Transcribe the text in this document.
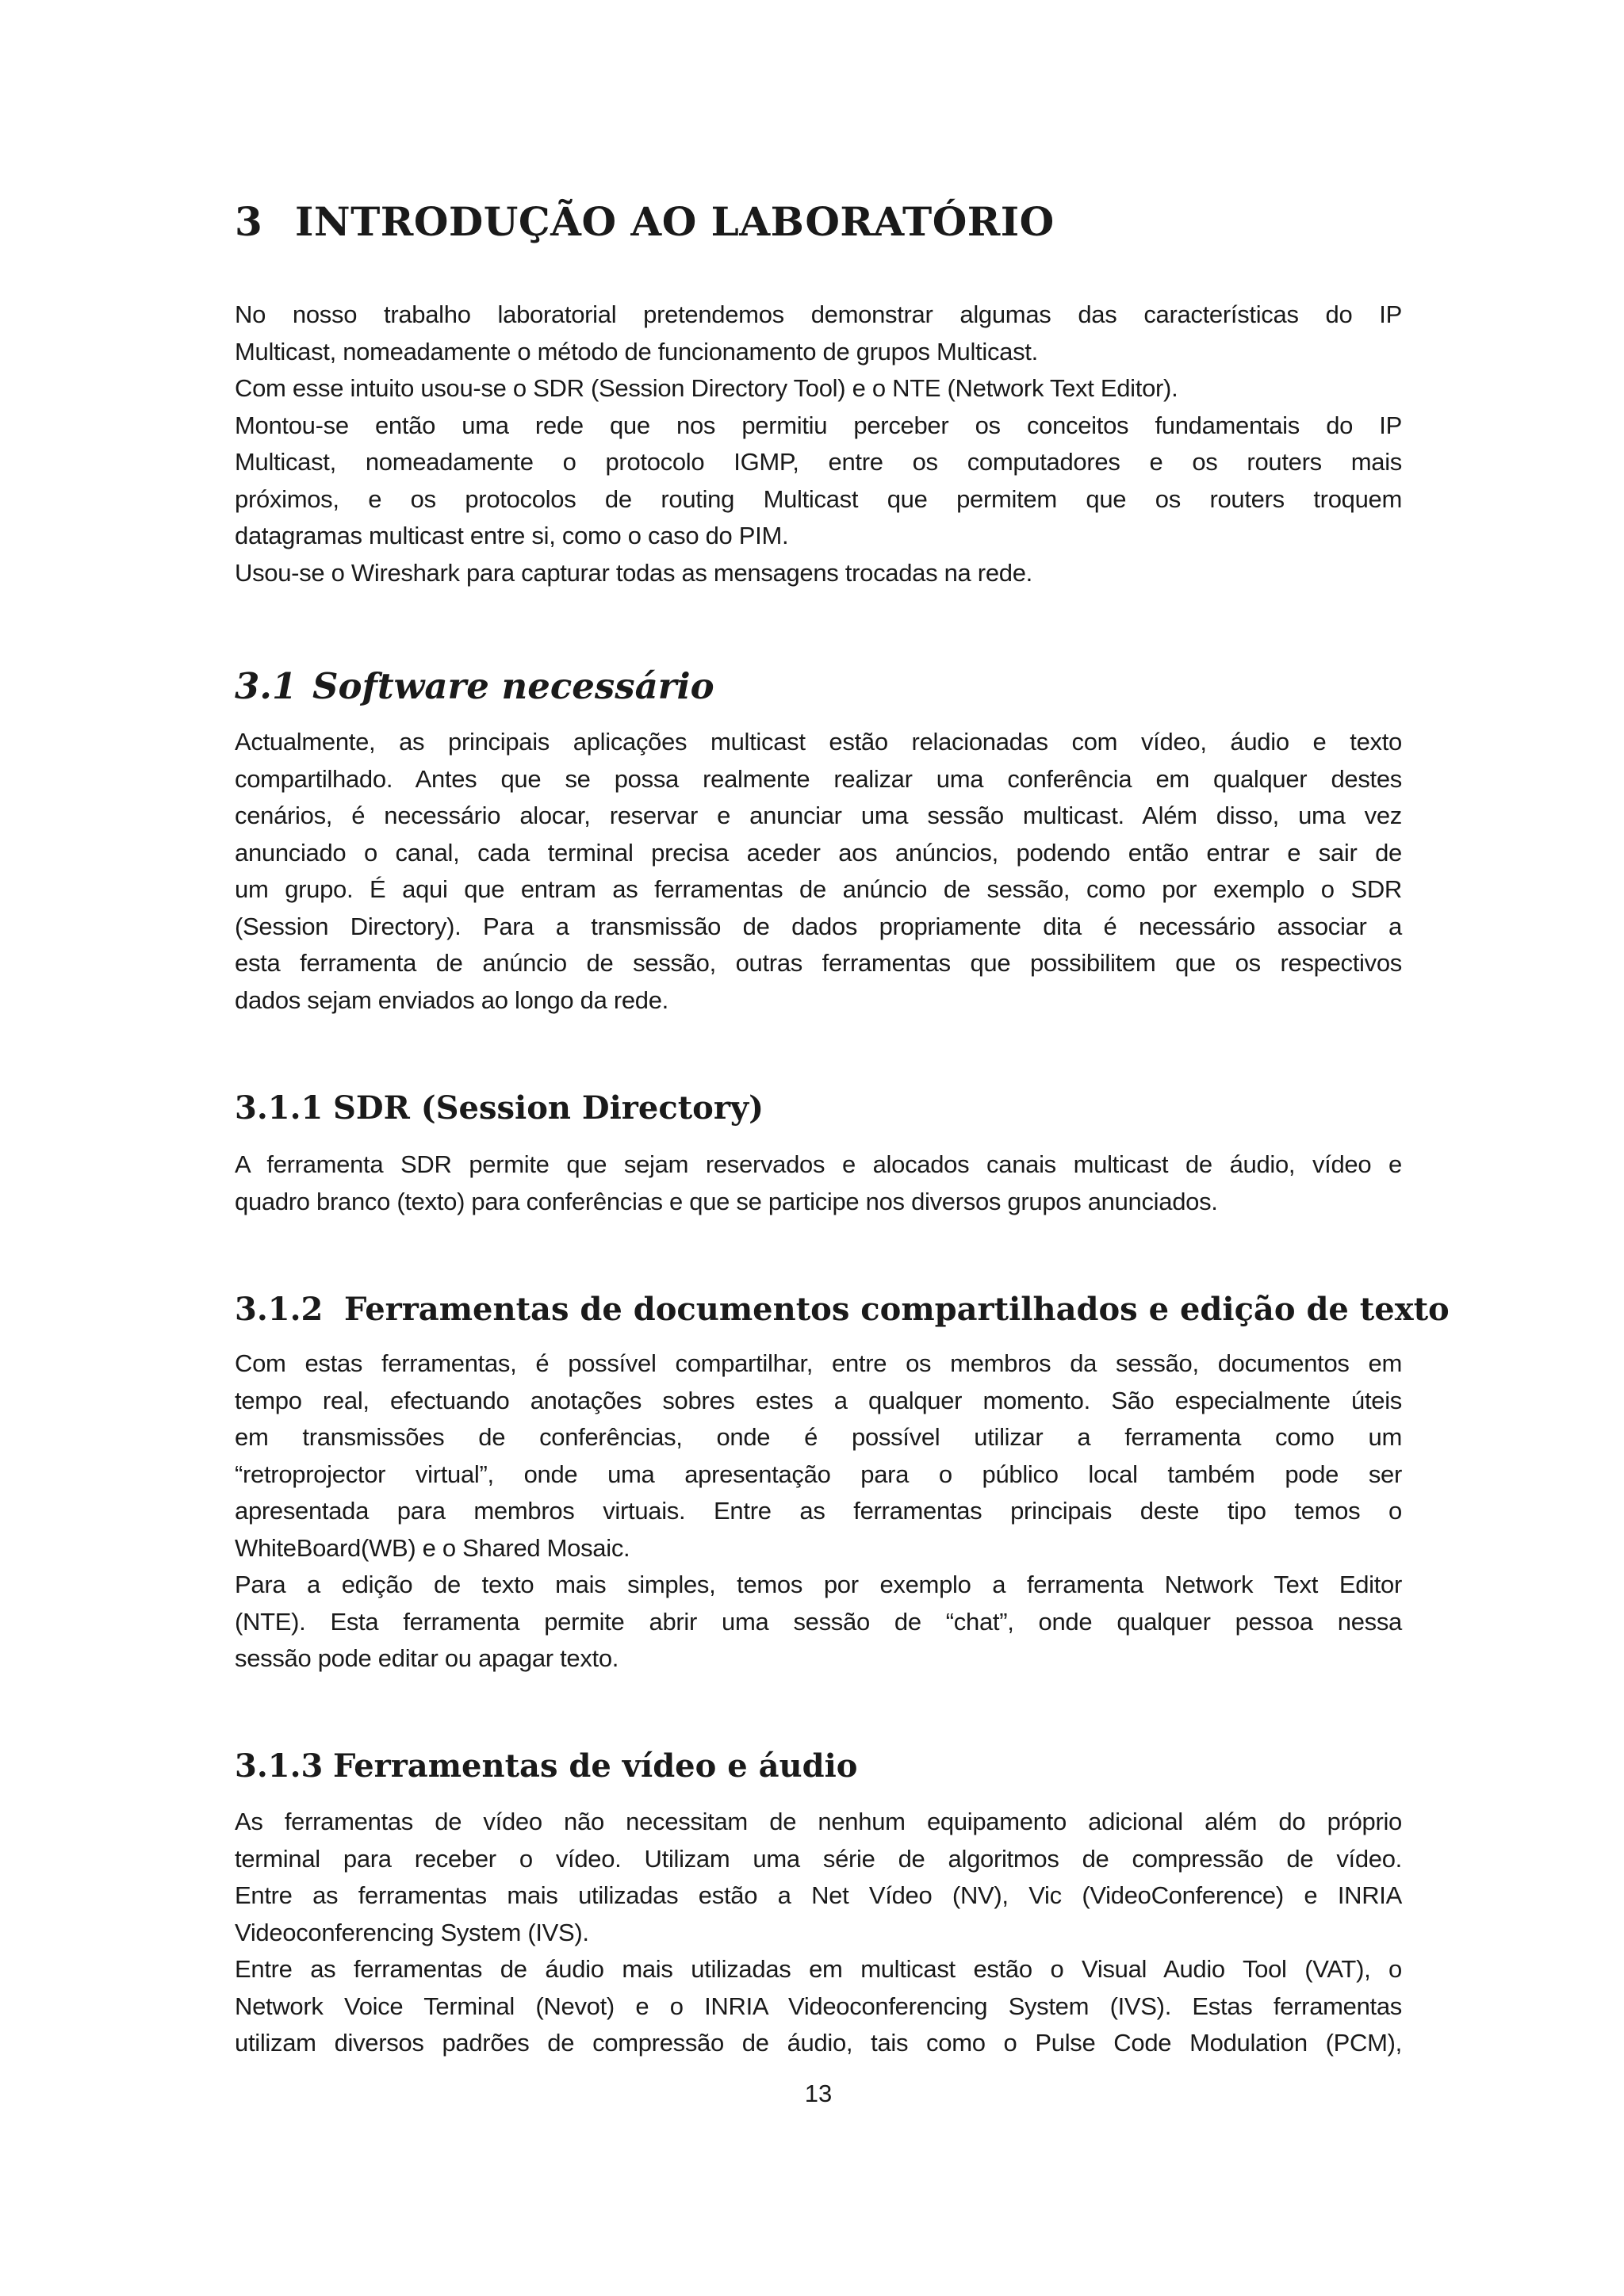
3 INTRODUÇÃO AO LABORATÓRIO
No nosso trabalho laboratorial pretendemos demonstrar algumas das características do IP
Multicast, nomeadamente o método de funcionamento de grupos Multicast.
Com esse intuito usou-se o SDR (Session Directory Tool) e o NTE (Network Text Editor).
Montou-se então uma rede que nos permitiu perceber os conceitos fundamentais do IP
Multicast, nomeadamente o protocolo IGMP, entre os computadores e os routers mais
próximos, e os protocolos de routing Multicast que permitem que os routers troquem
datagramas multicast entre si, como o caso do PIM.
Usou-se o Wireshark para capturar todas as mensagens trocadas na rede.
3.1 Software necessário
Actualmente, as principais aplicações multicast estão relacionadas com vídeo, áudio e texto
compartilhado. Antes que se possa realmente realizar uma conferência em qualquer destes
cenários, é necessário alocar, reservar e anunciar uma sessão multicast. Além disso, uma vez
anunciado o canal, cada terminal precisa aceder aos anúncios, podendo então entrar e sair de
um grupo. É aqui que entram as ferramentas de anúncio de sessão, como por exemplo o SDR
(Session Directory). Para a transmissão de dados propriamente dita é necessário associar a
esta ferramenta de anúncio de sessão, outras ferramentas que possibilitem que os respectivos
dados sejam enviados ao longo da rede.
3.1.1 SDR (Session Directory)
A ferramenta SDR permite que sejam reservados e alocados canais multicast de áudio, vídeo e
quadro branco (texto) para conferências e que se participe nos diversos grupos anunciados.
3.1.2 Ferramentas de documentos compartilhados e edição de texto
Com estas ferramentas, é possível compartilhar, entre os membros da sessão, documentos em
tempo real, efectuando anotações sobres estes a qualquer momento. São especialmente úteis
em transmissões de conferências, onde é possível utilizar a ferramenta como um
“retroprojector virtual”, onde uma apresentação para o público local também pode ser
apresentada para membros virtuais. Entre as ferramentas principais deste tipo temos o
WhiteBoard(WB) e o Shared Mosaic.
Para a edição de texto mais simples, temos por exemplo a ferramenta Network Text Editor
(NTE). Esta ferramenta permite abrir uma sessão de “chat”, onde qualquer pessoa nessa
sessão pode editar ou apagar texto.
3.1.3 Ferramentas de vídeo e áudio
As ferramentas de vídeo não necessitam de nenhum equipamento adicional além do próprio
terminal para receber o vídeo. Utilizam uma série de algoritmos de compressão de vídeo.
Entre as ferramentas mais utilizadas estão a Net Vídeo (NV), Vic (VideoConference) e INRIA
Videoconferencing System (IVS).
Entre as ferramentas de áudio mais utilizadas em multicast estão o Visual Audio Tool (VAT), o
Network Voice Terminal (Nevot) e o INRIA Videoconferencing System (IVS). Estas ferramentas
utilizam diversos padrões de compressão de áudio, tais como o Pulse Code Modulation (PCM),
13
